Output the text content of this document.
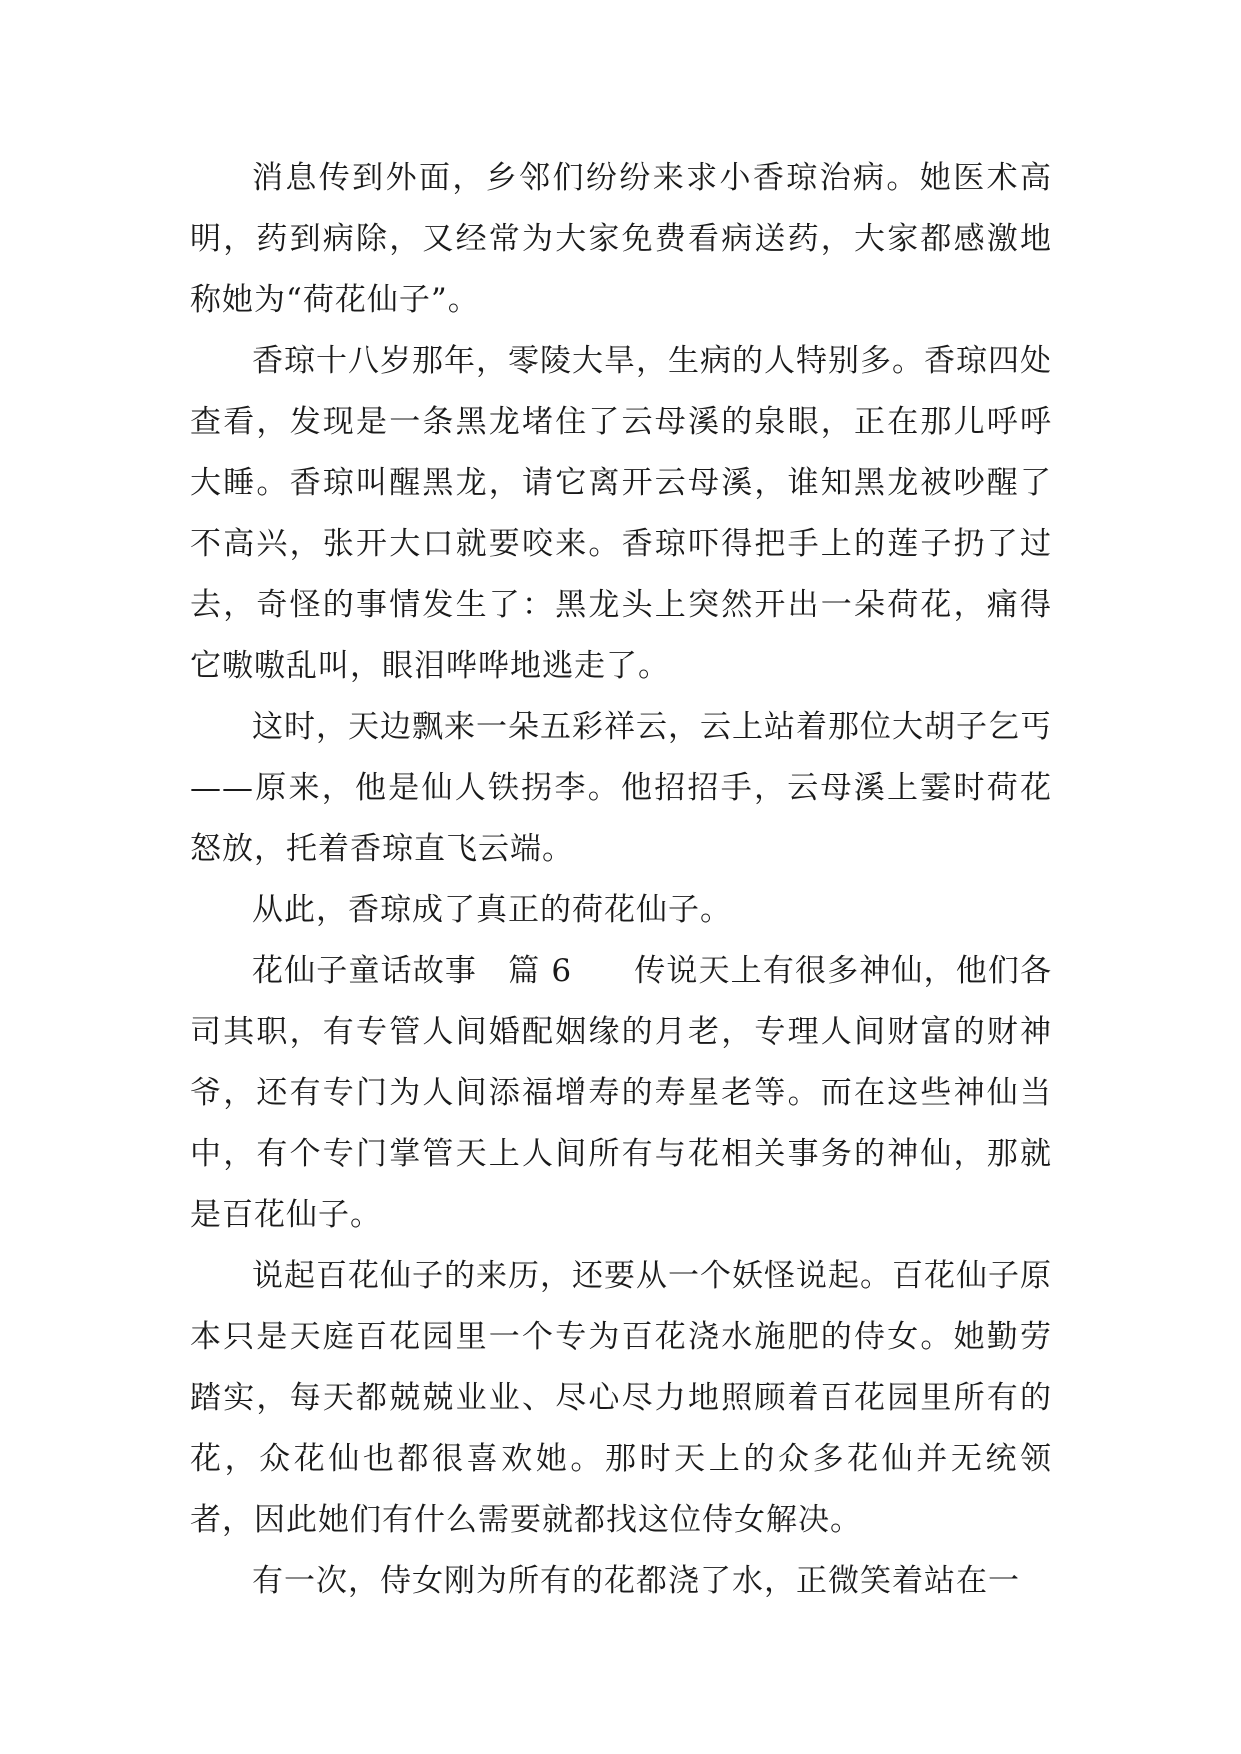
消息传到外面，乡邻们纷纷来求小香琼治病。她医术高明，药到病除，又经常为大家免费看病送药，大家都感激地称她为“荷花仙子”。

香琼十八岁那年，零陵大旱，生病的人特别多。香琼四处查看，发现是一条黑龙堵住了云母溪的泉眼，正在那儿呼呼大睡。香琼叫醒黑龙，请它离开云母溪，谁知黑龙被吵醒了不高兴，张开大口就要咬来。香琼吓得把手上的莲子扔了过去，奇怪的事情发生了：黑龙头上突然开出一朵荷花，痛得它嗷嗷乱叫，眼泪哗哗地逃走了。

这时，天边飘来一朵五彩祥云，云上站着那位大胡子乞丐——原来，他是仙人铁拐李。他招招手，云母溪上霎时荷花怒放，托着香琼直飞云端。

从此，香琼成了真正的荷花仙子。

花仙子童话故事 篇 6 传说天上有很多神仙，他们各司其职，有专管人间婚配姻缘的月老，专理人间财富的财神爷，还有专门为人间添福增寿的寿星老等。而在这些神仙当中，有个专门掌管天上人间所有与花相关事务的神仙，那就是百花仙子。

说起百花仙子的来历，还要从一个妖怪说起。百花仙子原本只是天庭百花园里一个专为百花浇水施肥的侍女。她勤劳踏实，每天都兢兢业业、尽心尽力地照顾着百花园里所有的花，众花仙也都很喜欢她。那时天上的众多花仙并无统领者，因此她们有什么需要就都找这位侍女解决。

有一次，侍女刚为所有的花都浇了水，正微笑着站在一
